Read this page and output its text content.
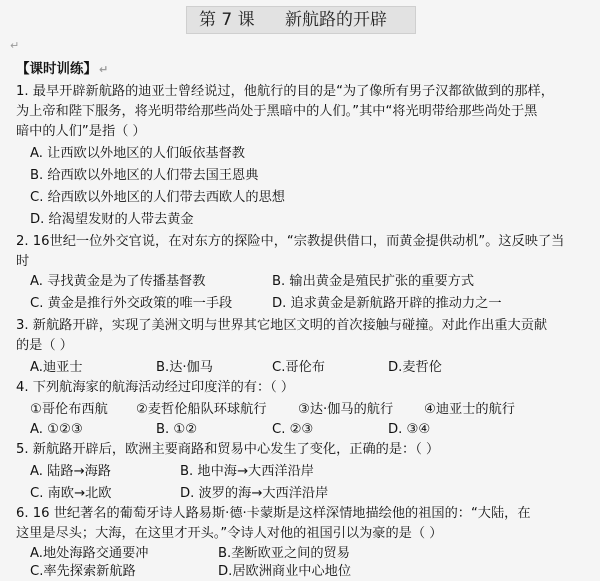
第 7 课 新航路的开辟
↵
【课时训练】 ↵
1. 最早开辟新航路的迪亚士曾经说过，他航行的目的是“为了像所有男子汉都欲做到的那样，
为上帝和陛下服务，将光明带给那些尚处于黑暗中的人们。”其中“将光明带给那些尚处于黑
暗中的人们”是指（ ）
A. 让西欧以外地区的人们皈依基督教
B. 给西欧以外地区的人们带去国王恩典
C. 给西欧以外地区的人们带去西欧人的思想
D. 给渴望发财的人带去黄金
2. 16世纪一位外交官说，在对东方的探险中，“宗教提供借口，而黄金提供动机”。这反映了当
时
A. 寻找黄金是为了传播基督教	B. 输出黄金是殖民扩张的重要方式
C. 黄金是推行外交政策的唯一手段	D. 追求黄金是新航路开辟的推动力之一
3. 新航路开辟，实现了美洲文明与世界其它地区文明的首次接触与碰撞。对此作出重大贡献
的是（ ）
A.迪亚士	B.达·伽马	C.哥伦布	D.麦哲伦
4. 下列航海家的航海活动经过印度洋的有：（ ）
①哥伦布西航 ②麦哲伦船队环球航行 ③达·伽马的航行 ④迪亚士的航行
A. ①②③	B. ①②	C. ②③	D. ③④
5. 新航路开辟后，欧洲主要商路和贸易中心发生了变化，正确的是：（ ）
A. 陆路→海路	B. 地中海→大西洋沿岸
C. 南欧→北欧	D. 波罗的海→大西洋沿岸
6. 16 世纪著名的葡萄牙诗人路易斯·德·卡蒙斯是这样深情地描绘他的祖国的：“大陆，在
这里是尽头；大海，在这里才开头。”令诗人对他的祖国引以为豪的是（ ）
A.地处海路交通要冲	B.垄断欧亚之间的贸易
C.率先探索新航路	D.居欧洲商业中心地位
